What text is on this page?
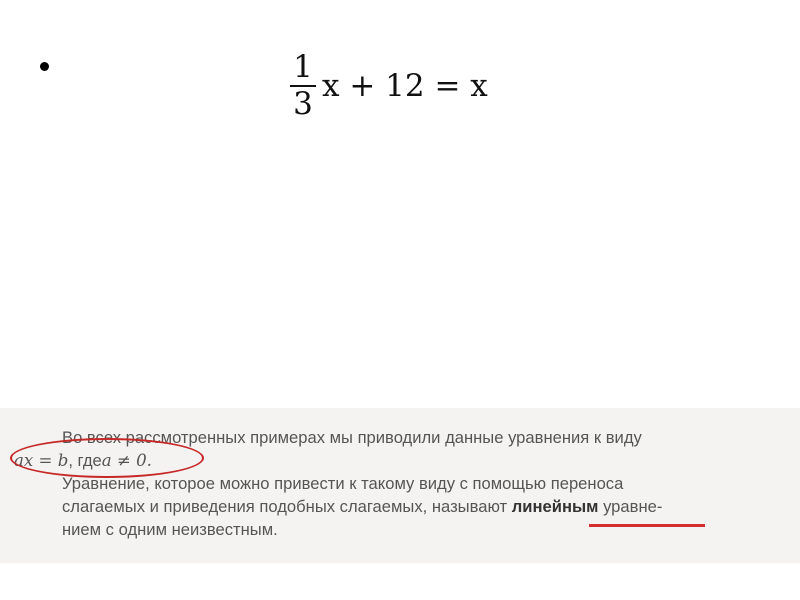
$\frac{1}{3}$ x + 12 = x
Во всех рассмотренных примерах мы приводили данные уравнения к виду
ax = b , где a ≠ 0.
Уравнение, которое можно привести к такому виду с помощью переноса
слагаемых и приведения подобных слагаемых, называют
линейным
уравне-
нием с одним неизвестным.
